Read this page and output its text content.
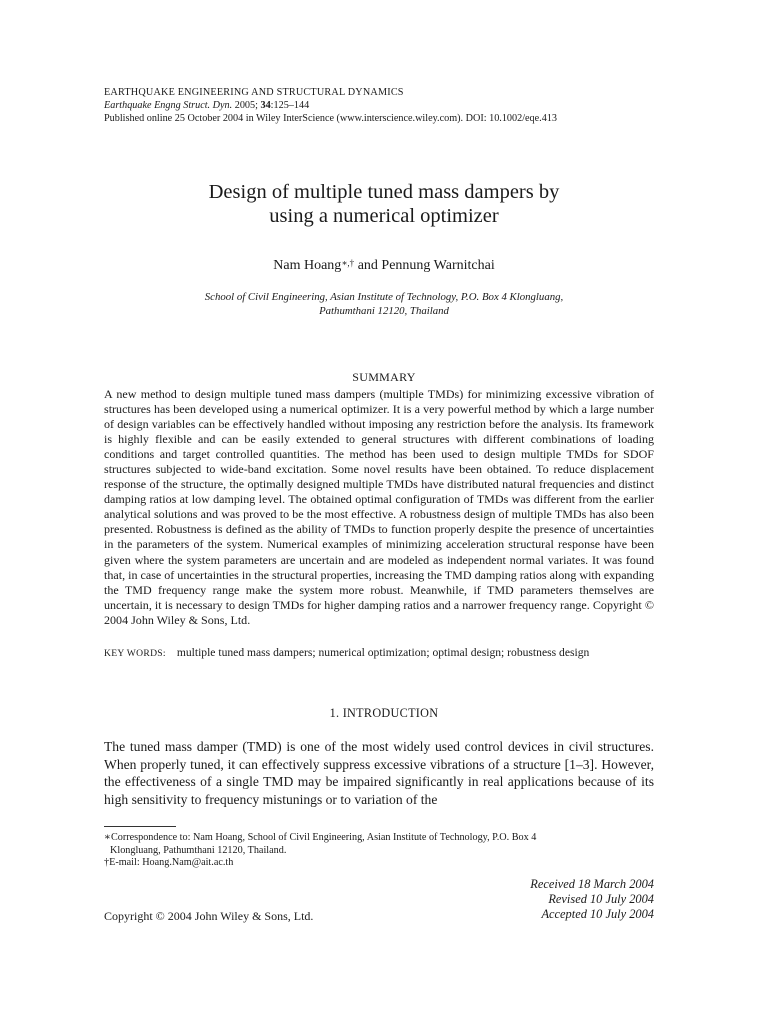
EARTHQUAKE ENGINEERING AND STRUCTURAL DYNAMICS
Earthquake Engng Struct. Dyn. 2005; 34:125–144
Published online 25 October 2004 in Wiley InterScience (www.interscience.wiley.com). DOI: 10.1002/eqe.413
Design of multiple tuned mass dampers by
using a numerical optimizer
Nam Hoang∗,† and Pennung Warnitchai
School of Civil Engineering, Asian Institute of Technology, P.O. Box 4 Klongluang,
Pathumthani 12120, Thailand
SUMMARY
A new method to design multiple tuned mass dampers (multiple TMDs) for minimizing excessive vibration of structures has been developed using a numerical optimizer. It is a very powerful method by which a large number of design variables can be effectively handled without imposing any restriction before the analysis. Its framework is highly flexible and can be easily extended to general structures with different combinations of loading conditions and target controlled quantities. The method has been used to design multiple TMDs for SDOF structures subjected to wide-band excitation. Some novel results have been obtained. To reduce displacement response of the structure, the optimally designed multiple TMDs have distributed natural frequencies and distinct damping ratios at low damping level. The obtained optimal configuration of TMDs was different from the earlier analytical solutions and was proved to be the most effective. A robustness design of multiple TMDs has also been presented. Robustness is defined as the ability of TMDs to function properly despite the presence of uncertainties in the parameters of the system. Numerical examples of minimizing acceleration structural response have been given where the system parameters are uncertain and are modeled as independent normal variates. It was found that, in case of uncertainties in the structural properties, increasing the TMD damping ratios along with expanding the TMD frequency range make the system more robust. Meanwhile, if TMD parameters themselves are uncertain, it is necessary to design TMDs for higher damping ratios and a narrower frequency range. Copyright © 2004 John Wiley & Sons, Ltd.
KEY WORDS: multiple tuned mass dampers; numerical optimization; optimal design; robustness design
1. INTRODUCTION
The tuned mass damper (TMD) is one of the most widely used control devices in civil structures. When properly tuned, it can effectively suppress excessive vibrations of a structure [1–3]. However, the effectiveness of a single TMD may be impaired significantly in real applications because of its high sensitivity to frequency mistunings or to variation of the
∗Correspondence to: Nam Hoang, School of Civil Engineering, Asian Institute of Technology, P.O. Box 4
Klongluang, Pathumthani 12120, Thailand.
†E-mail: Hoang.Nam@ait.ac.th
Received 18 March 2004
Revised 10 July 2004
Accepted 10 July 2004
Copyright © 2004 John Wiley & Sons, Ltd.
